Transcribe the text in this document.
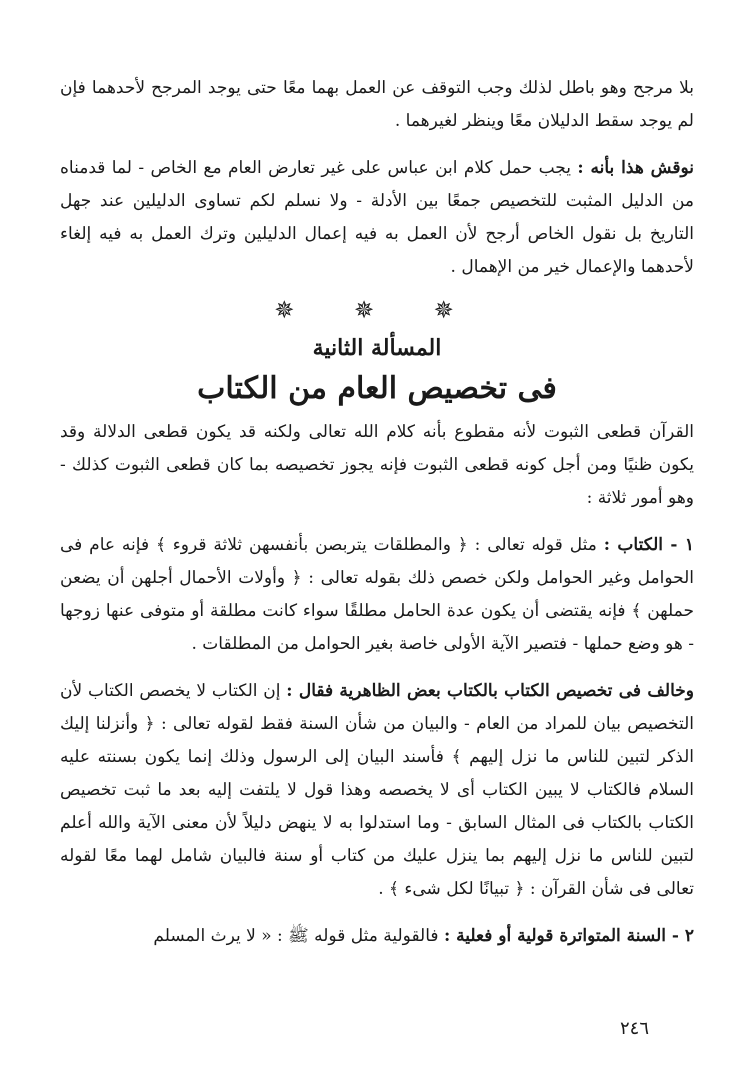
بلا مرجح وهو باطل لذلك وجب التوقف عن العمل بهما معًا حتى يوجد المرجح لأحدهما فإن لم يوجد سقط الدليلان معًا وينظر لغيرهما .

نوقش هذا بأنه : يجب حمل كلام ابن عباس على غير تعارض العام مع الخاص - لما قدمناه من الدليل المثبت للتخصيص جمعًا بين الأدلة - ولا نسلم لكم تساوى الدليلين عند جهل التاريخ بل نقول الخاص أرجح لأن العمل به فيه إعمال الدليلين وترك العمل به فيه إلغاء لأحدهما والإعمال خير من الإهمال .

✵ ✵ ✵
المسألة الثانية
فى تخصيص العام من الكتاب

القرآن قطعى الثبوت لأنه مقطوع بأنه كلام الله تعالى ولكنه قد يكون قطعى الدلالة وقد يكون ظنيًا ومن أجل كونه قطعى الثبوت فإنه يجوز تخصيصه بما كان قطعى الثبوت كذلك - وهو أمور ثلاثة :

١ - الكتاب : مثل قوله تعالى : ﴿ والمطلقات يتربصن بأنفسهن ثلاثة قروء ﴾ فإنه عام فى الحوامل وغير الحوامل ولكن خصص ذلك بقوله تعالى : ﴿ وأولات الأحمال أجلهن أن يضعن حملهن ﴾ فإنه يقتضى أن يكون عدة الحامل مطلقًا سواء كانت مطلقة أو متوفى عنها زوجها - هو وضع حملها - فتصير الآية الأولى خاصة بغير الحوامل من المطلقات .

وخالف فى تخصيص الكتاب بالكتاب بعض الظاهرية فقال : إن الكتاب لا يخصص الكتاب لأن التخصيص بيان للمراد من العام - والبيان من شأن السنة فقط لقوله تعالى : ﴿ وأنزلنا إليك الذكر لتبين للناس ما نزل إليهم ﴾ فأسند البيان إلى الرسول وذلك إنما يكون بسنته عليه السلام فالكتاب لا يبين الكتاب أى لا يخصصه وهذا قول لا يلتفت إليه بعد ما ثبت تخصيص الكتاب بالكتاب فى المثال السابق - وما استدلوا به لا ينهض دليلاً لأن معنى الآية والله أعلم لتبين للناس ما نزل إليهم بما ينزل عليك من كتاب أو سنة فالبيان شامل لهما معًا لقوله تعالى فى شأن القرآن : ﴿ تبيانًا لكل شىء ﴾ .

٢ - السنة المتواترة قولية أو فعلية : فالقولية مثل قوله ﷺ : « لا يرث المسلم

٢٤٦
